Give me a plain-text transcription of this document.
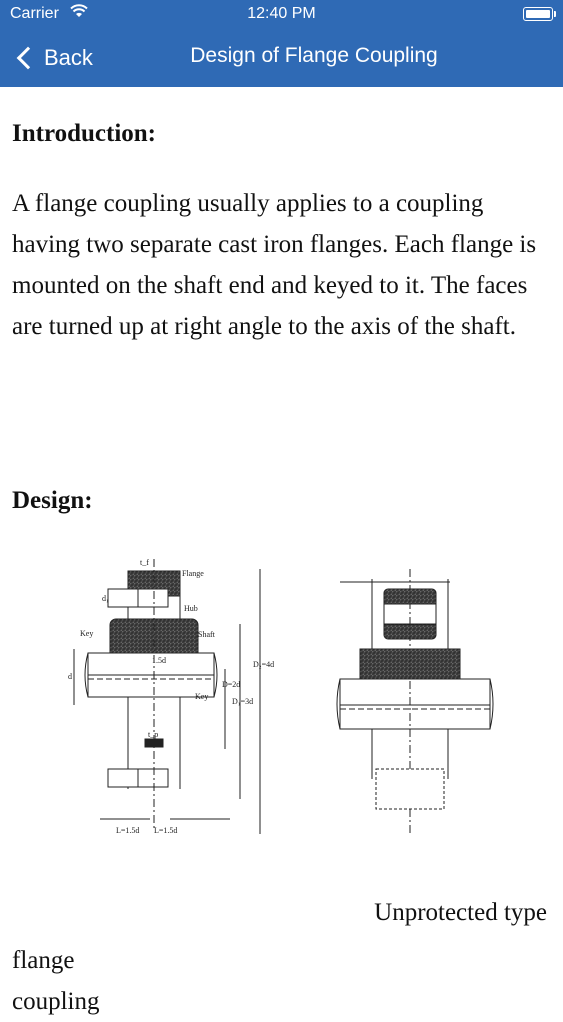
Carrier	12:40 PM
Back	Design of Flange Coupling
Introduction:

A flange coupling usually applies to a coupling having two separate cast iron flanges. Each flange is mounted on the shaft end and keyed to it. The faces are turned up at right angle to the axis of the shaft.

Design:
Flange
Hub
Key	Shaft
1.5d
Key
d
d₁
D₁=3d
D=2d
D₂=4d
L=1.5d L=1.5d
t_f
t_p
Unprotected type
flange
coupling
